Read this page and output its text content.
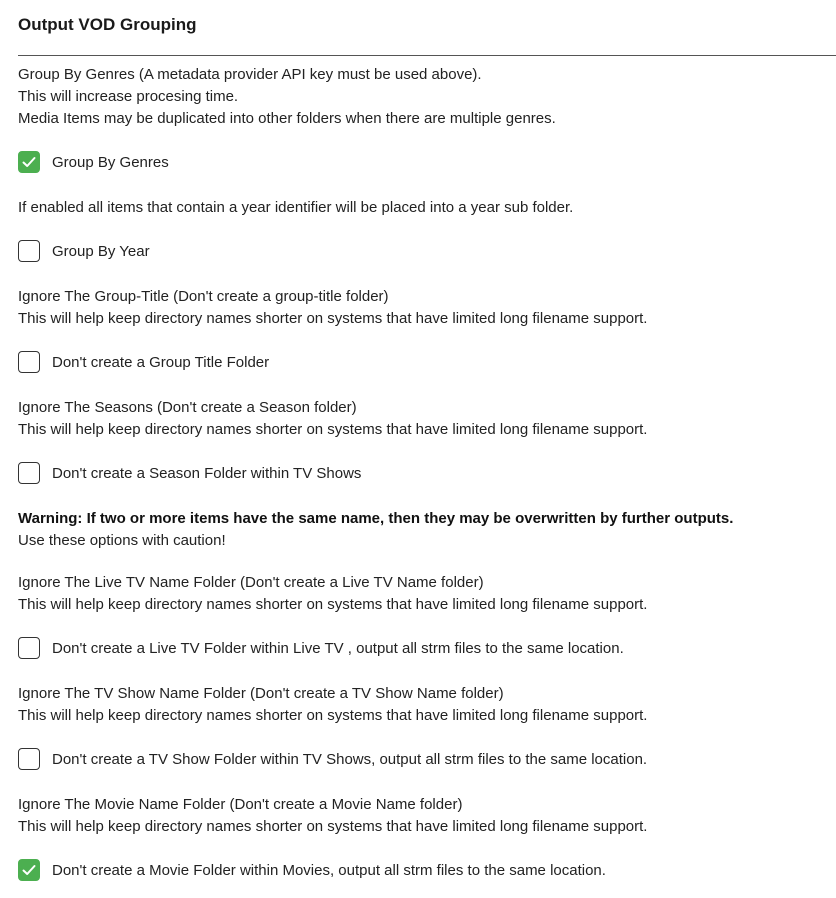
Output VOD Grouping
Group By Genres (A metadata provider API key must be used above).
This will increase procesing time.
Media Items may be duplicated into other folders when there are multiple genres.
Group By Genres
If enabled all items that contain a year identifier will be placed into a year sub folder.
Group By Year
Ignore The Group-Title (Don't create a group-title folder)
This will help keep directory names shorter on systems that have limited long filename support.
Don't create a Group Title Folder
Ignore The Seasons (Don't create a Season folder)
This will help keep directory names shorter on systems that have limited long filename support.
Don't create a Season Folder within TV Shows
Warning: If two or more items have the same name, then they may be overwritten by further outputs.
Use these options with caution!
Ignore The Live TV Name Folder (Don't create a Live TV Name folder)
This will help keep directory names shorter on systems that have limited long filename support.
Don't create a Live TV Folder within Live TV , output all strm files to the same location.
Ignore The TV Show Name Folder (Don't create a TV Show Name folder)
This will help keep directory names shorter on systems that have limited long filename support.
Don't create a TV Show Folder within TV Shows, output all strm files to the same location.
Ignore The Movie Name Folder (Don't create a Movie Name folder)
This will help keep directory names shorter on systems that have limited long filename support.
Don't create a Movie Folder within Movies, output all strm files to the same location.
